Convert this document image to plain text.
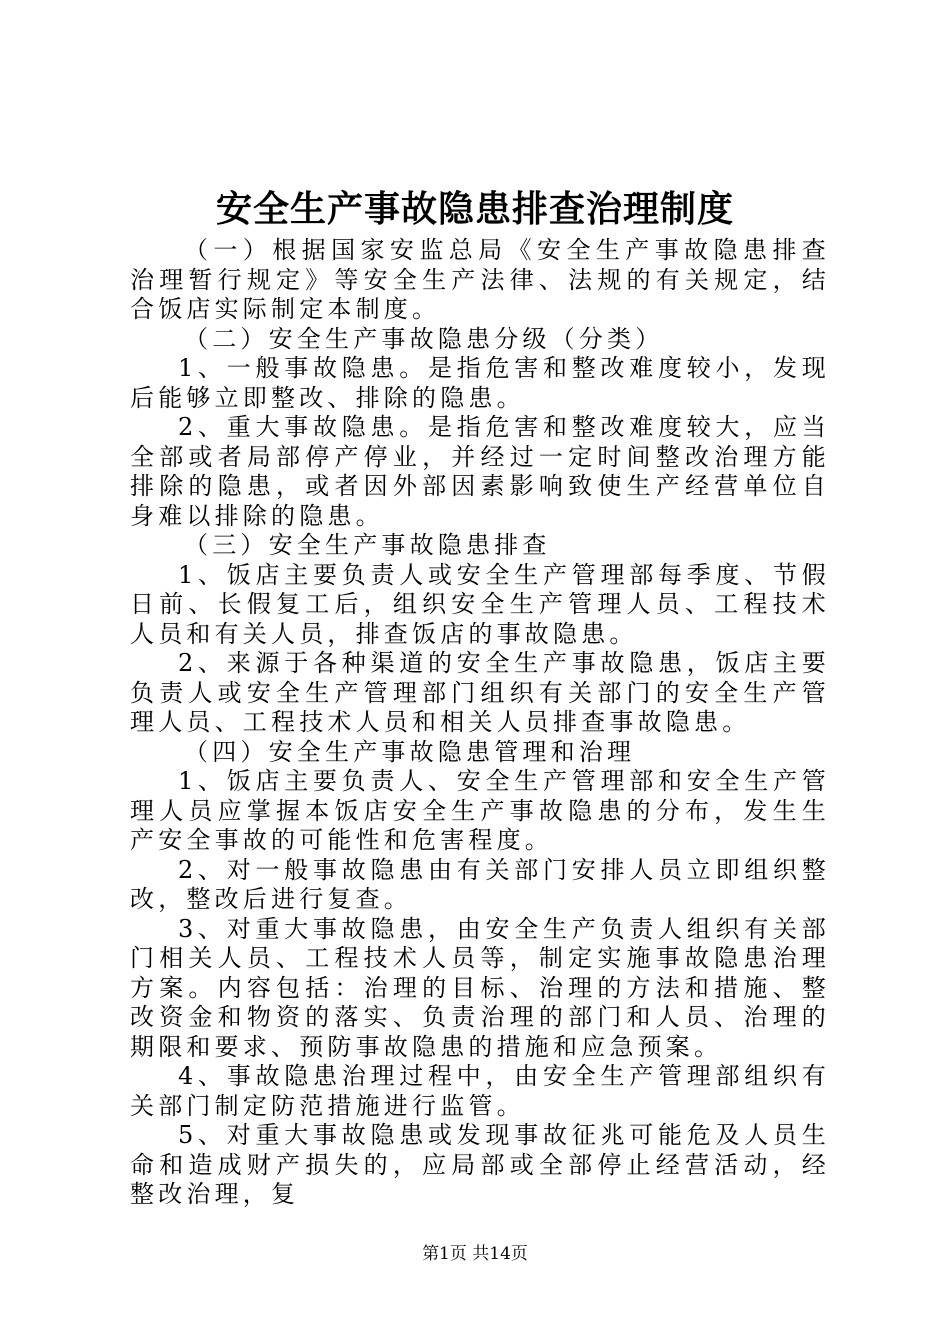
安全生产事故隐患排查治理制度

（一）根据国家安监总局《安全生产事故隐患排查治理暂行规定》等安全生产法律、法规的有关规定，结合饭店实际制定本制度。

（二）安全生产事故隐患分级（分类）

1、一般事故隐患。是指危害和整改难度较小，发现后能够立即整改、排除的隐患。

2、重大事故隐患。是指危害和整改难度较大，应当全部或者局部停产停业，并经过一定时间整改治理方能排除的隐患，或者因外部因素影响致使生产经营单位自身难以排除的隐患。

（三）安全生产事故隐患排查

1、饭店主要负责人或安全生产管理部每季度、节假日前、长假复工后，组织安全生产管理人员、工程技术人员和有关人员，排查饭店的事故隐患。

2、来源于各种渠道的安全生产事故隐患，饭店主要负责人或安全生产管理部门组织有关部门的安全生产管理人员、工程技术人员和相关人员排查事故隐患。

（四）安全生产事故隐患管理和治理

1、饭店主要负责人、安全生产管理部和安全生产管理人员应掌握本饭店安全生产事故隐患的分布，发生生产安全事故的可能性和危害程度。

2、对一般事故隐患由有关部门安排人员立即组织整改，整改后进行复查。

3、对重大事故隐患，由安全生产负责人组织有关部门相关人员、工程技术人员等，制定实施事故隐患治理方案。内容包括：治理的目标、治理的方法和措施、整改资金和物资的落实、负责治理的部门和人员、治理的期限和要求、预防事故隐患的措施和应急预案。

4、事故隐患治理过程中，由安全生产管理部组织有关部门制定防范措施进行监管。

5、对重大事故隐患或发现事故征兆可能危及人员生命和造成财产损失的，应局部或全部停止经营活动，经整改治理，复

第1页 共14页
